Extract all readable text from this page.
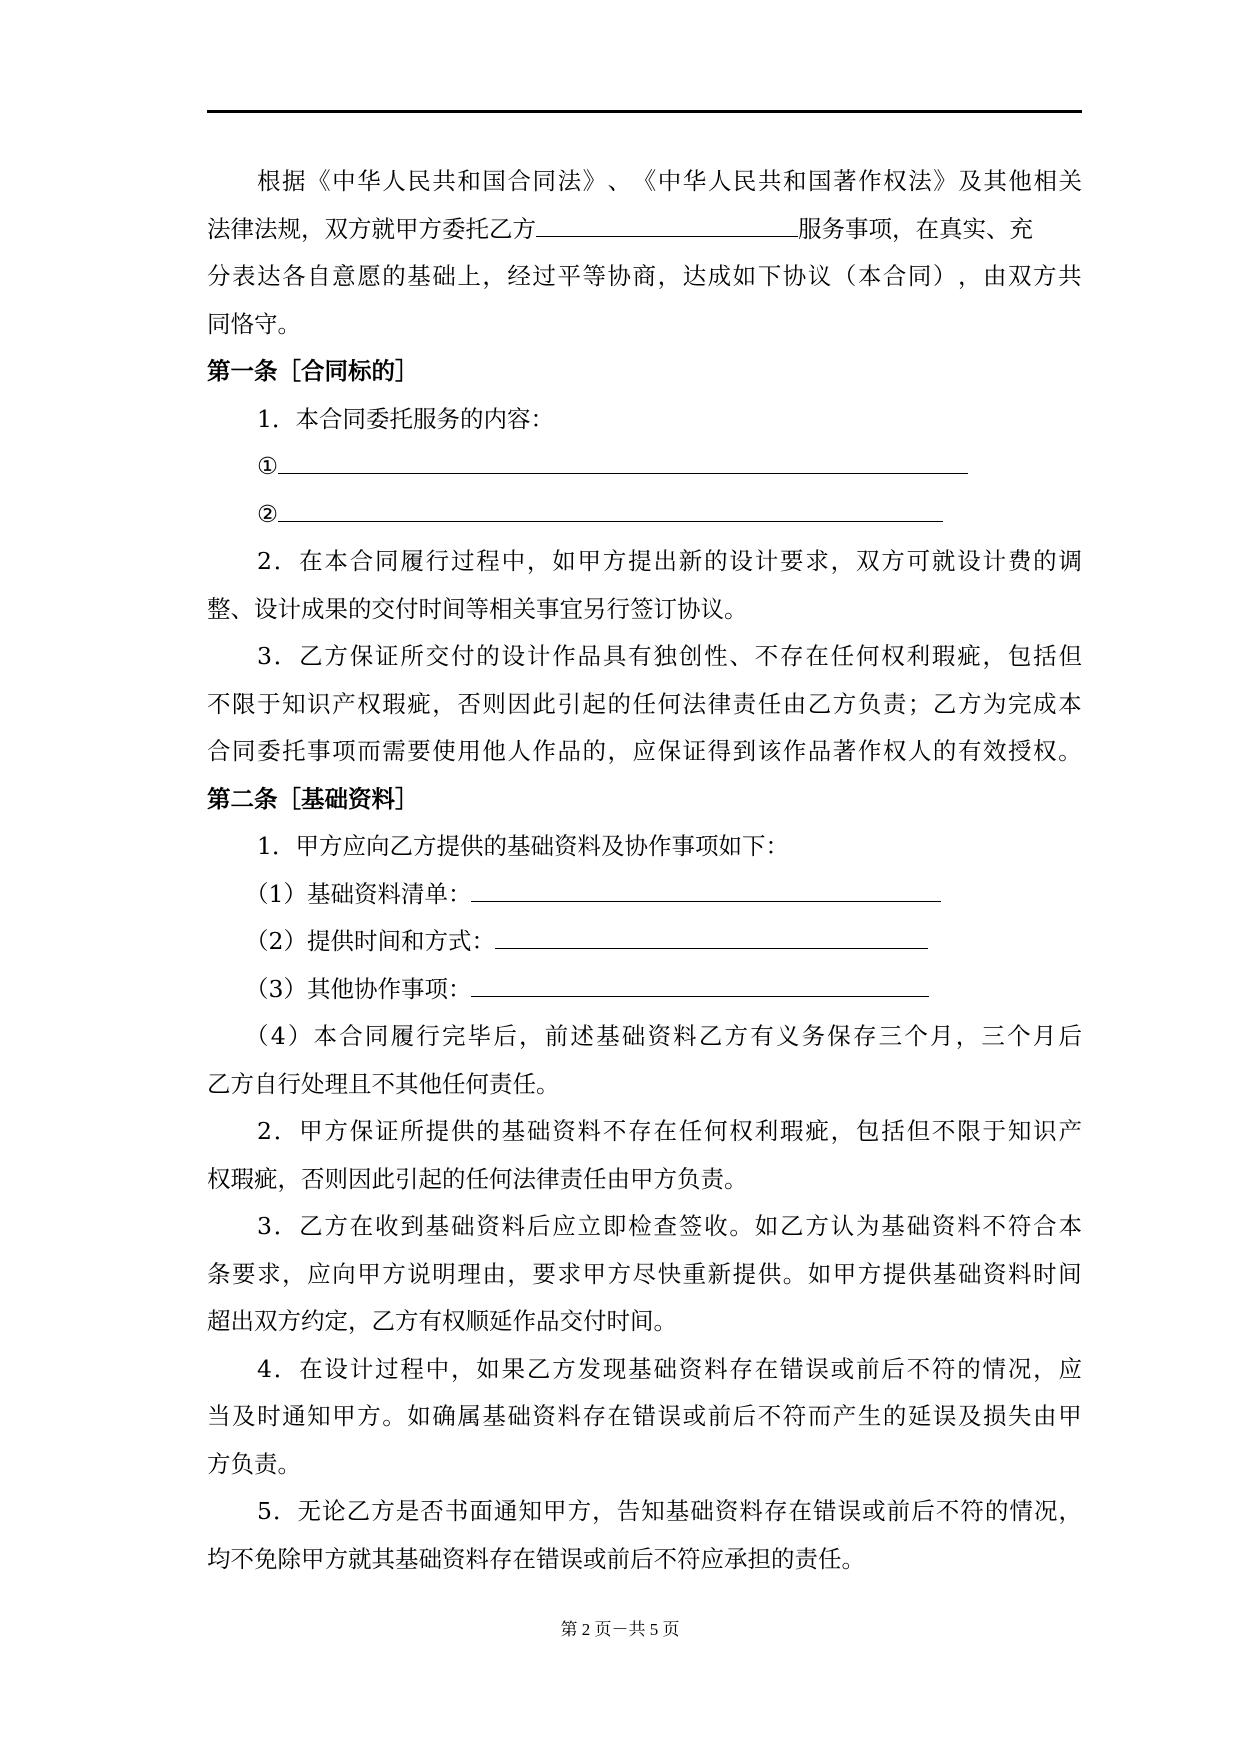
根 据 《 中 华 人 民 共 和 国 合 同 法 》 、 《 中 华 人 民 共 和 国 著 作 权 法 》 及 其 他 相 关
法律法规，双方就甲方委托乙方	服务事项，在真实、充
分 表 达 各 自 意 愿 的 基 础 上 ， 经 过 平 等 协 商 ， 达 成 如 下 协 议 （ 本 合 同 ） ， 由 双 方 共
同恪守。
第一条［合同标的］
1．本合同委托服务的内容：
①
②
2 ． 在 本 合 同 履 行 过 程 中 ， 如 甲 方 提 出 新 的 设 计 要 求 ， 双 方 可 就 设 计 费 的 调
整、设计成果的交付时间等相关事宜另行签订协议。
3 ． 乙 方 保 证 所 交 付 的 设 计 作 品 具 有 独 创 性 、 不 存 在 任 何 权 利 瑕 疵 ， 包 括 但
不 限 于 知 识 产 权 瑕 疵 ， 否 则 因 此 引 起 的 任 何 法 律 责 任 由 乙 方 负 责 ； 乙 方 为 完 成 本
合 同 委 托 事 项 而 需 要 使 用 他 人 作 品 的 ， 应 保 证 得 到 该 作 品 著 作 权 人 的 有 效 授 权 。
第二条［基础资料］
1．甲方应向乙方提供的基础资料及协作事项如下：
（1）基础资料清单：
（2）提供时间和方式：
（3）其他协作事项：
（ 4 ） 本 合 同 履 行 完 毕 后 ， 前 述 基 础 资 料 乙 方 有 义 务 保 存 三 个 月 ， 三 个 月 后
乙方自行处理且不其他任何责任。
2 ． 甲 方 保 证 所 提 供 的 基 础 资 料 不 存 在 任 何 权 利 瑕 疵 ， 包 括 但 不 限 于 知 识 产
权瑕疵，否则因此引起的任何法律责任由甲方负责。
3 ． 乙 方 在 收 到 基 础 资 料 后 应 立 即 检 查 签 收 。 如 乙 方 认 为 基 础 资 料 不 符 合 本
条 要 求 ， 应 向 甲 方 说 明 理 由 ， 要 求 甲 方 尽 快 重 新 提 供 。 如 甲 方 提 供 基 础 资 料 时 间
超出双方约定，乙方有权顺延作品交付时间。
4 ． 在 设 计 过 程 中 ， 如 果 乙 方 发 现 基 础 资 料 存 在 错 误 或 前 后 不 符 的 情 况 ， 应
当 及 时 通 知 甲 方 。 如 确 属 基 础 资 料 存 在 错 误 或 前 后 不 符 而 产 生 的 延 误 及 损 失 由 甲
方负责。
5 ． 无 论 乙 方 是 否 书 面 通 知 甲 方 ， 告 知 基 础 资 料 存 在 错 误 或 前 后 不 符 的 情 况 ，
均不免除甲方就其基础资料存在错误或前后不符应承担的责任。
第 2 页－共 5 页
